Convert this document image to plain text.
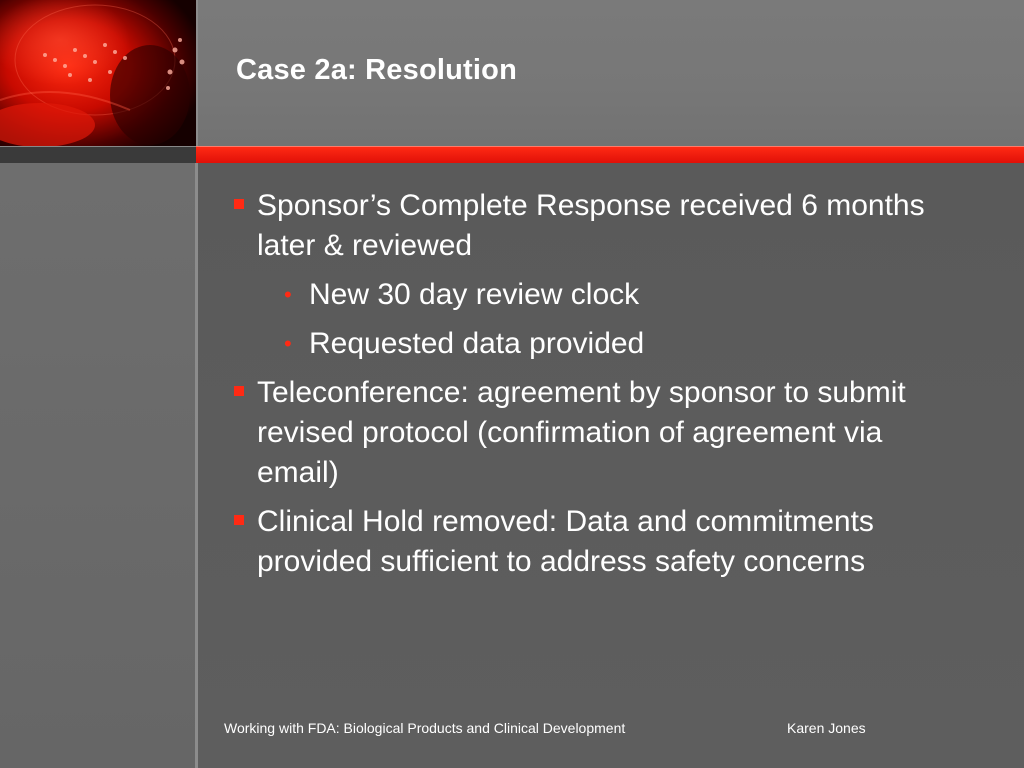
Case 2a: Resolution
Sponsor’s Complete Response received 6 months later & reviewed
• New 30 day review clock
• Requested data provided
Teleconference: agreement by sponsor to submit revised protocol (confirmation of agreement via email)
Clinical Hold removed: Data and commitments provided sufficient to address safety concerns
Working with FDA: Biological Products and Clinical Development	Karen Jones
